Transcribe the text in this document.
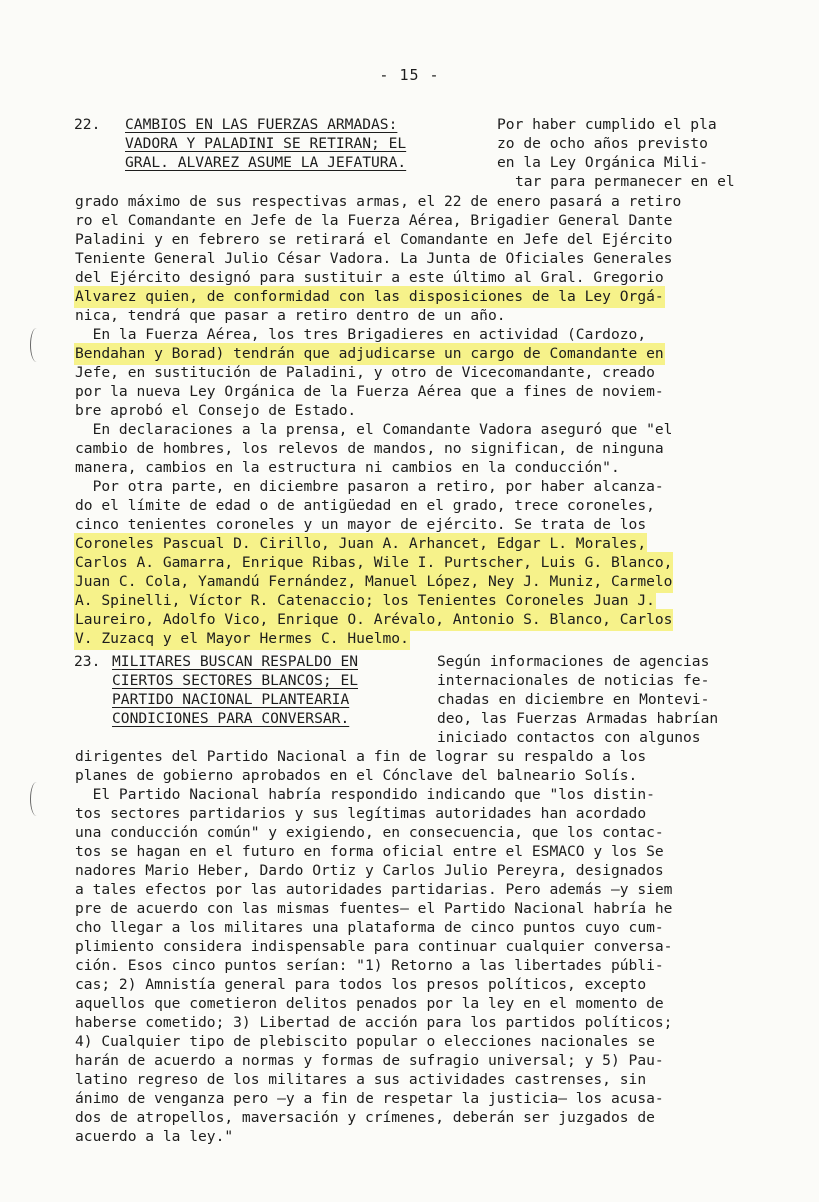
- 15 -
22. CAMBIOS EN LAS FUERZAS ARMADAS:
VADORA Y PALADINI SE RETIRAN; EL
GRAL. ALVAREZ ASUME LA JEFATURA.
Por haber cumplido el pla
zo de ocho años previsto
en la Ley Orgánica Mili-
tar para permanecer en el
grado máximo de sus respectivas armas, el 22 de enero pasará a retiro
ro el Comandante en Jefe de la Fuerza Aérea, Brigadier General Dante
Paladini y en febrero se retirará el Comandante en Jefe del Ejército
Teniente General Julio César Vadora. La Junta de Oficiales Generales
del Ejército designó para sustituir a este último al Gral. Gregorio
Alvarez quien, de conformidad con las disposiciones de la Ley Orgá-
nica, tendrá que pasar a retiro dentro de un año.
En la Fuerza Aérea, los tres Brigadieres en actividad (Cardozo,
Bendahan y Borad) tendrán que adjudicarse un cargo de Comandante en
Jefe, en sustitución de Paladini, y otro de Vicecomandante, creado
por la nueva Ley Orgánica de la Fuerza Aérea que a fines de noviem-
bre aprobó el Consejo de Estado.
En declaraciones a la prensa, el Comandante Vadora aseguró que "el
cambio de hombres, los relevos de mandos, no significan, de ninguna
manera, cambios en la estructura ni cambios en la conducción".
Por otra parte, en diciembre pasaron a retiro, por haber alcanza-
do el límite de edad o de antigüedad en el grado, trece coroneles,
cinco tenientes coroneles y un mayor de ejército. Se trata de los
Coroneles Pascual D. Cirillo, Juan A. Arhancet, Edgar L. Morales,
Carlos A. Gamarra, Enrique Ribas, Wile I. Purtscher, Luis G. Blanco,
Juan C. Cola, Yamandú Fernández, Manuel López, Ney J. Muniz, Carmelo
A. Spinelli, Víctor R. Catenaccio; los Tenientes Coroneles Juan J.
Laureiro, Adolfo Vico, Enrique O. Arévalo, Antonio S. Blanco, Carlos
V. Zuzacq y el Mayor Hermes C. Huelmo.
23. MILITARES BUSCAN RESPALDO EN
CIERTOS SECTORES BLANCOS; EL
PARTIDO NACIONAL PLANTEARIA
CONDICIONES PARA CONVERSAR.
Según informaciones de agencias
internacionales de noticias fe-
chadas en diciembre en Montevi-
deo, las Fuerzas Armadas habrían
iniciado contactos con algunos
dirigentes del Partido Nacional a fin de lograr su respaldo a los
planes de gobierno aprobados en el Cónclave del balneario Solís.
El Partido Nacional habría respondido indicando que "los distin-
tos sectores partidarios y sus legítimas autoridades han acordado
una conducción común" y exigiendo, en consecuencia, que los contac-
tos se hagan en el futuro en forma oficial entre el ESMACO y los Se
nadores Mario Heber, Dardo Ortiz y Carlos Julio Pereyra, designados
a tales efectos por las autoridades partidarias. Pero además —y siem
pre de acuerdo con las mismas fuentes— el Partido Nacional habría he
cho llegar a los militares una plataforma de cinco puntos cuyo cum-
plimiento considera indispensable para continuar cualquier conversa-
ción. Esos cinco puntos serían: "1) Retorno a las libertades públi-
cas; 2) Amnistía general para todos los presos políticos, excepto
aquellos que cometieron delitos penados por la ley en el momento de
haberse cometido; 3) Libertad de acción para los partidos políticos;
4) Cualquier tipo de plebiscito popular o elecciones nacionales se
harán de acuerdo a normas y formas de sufragio universal; y 5) Pau-
latino regreso de los militares a sus actividades castrenses, sin
ánimo de venganza pero —y a fin de respetar la justicia— los acusa-
dos de atropellos, maversación y crímenes, deberán ser juzgados de
acuerdo a la ley."
